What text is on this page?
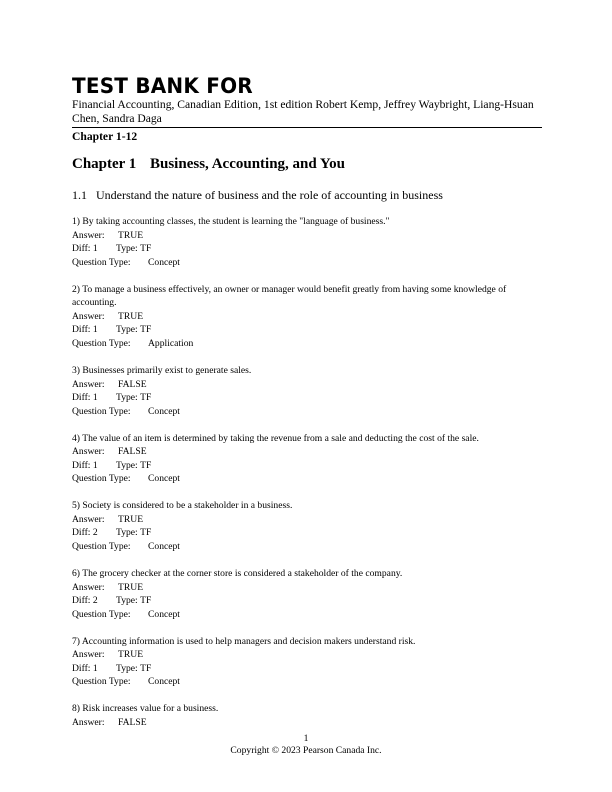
TEST BANK FOR
Financial Accounting, Canadian Edition, 1st edition Robert Kemp, Jeffrey Waybright, Liang-Hsuan Chen, Sandra Daga
Chapter 1-12
Chapter 1 Business, Accounting, and You
1.1 Understand the nature of business and the role of accounting in business
1) By taking accounting classes, the student is learning the "language of business."
Answer:	TRUE
Diff: 1	Type:
TF
Question Type:	Concept
2) To manage a business effectively, an owner or manager would benefit greatly from having some knowledge of accounting.
Answer:	TRUE
Diff: 1	Type:
TF
Question Type:	Application
3) Businesses primarily exist to generate sales.
Answer:	FALSE
Diff: 1	Type:
TF
Question Type:	Concept
4) The value of an item is determined by taking the revenue from a sale and deducting the cost of the sale.
Answer:	FALSE
Diff: 1	Type:
TF
Question Type:	Concept
5) Society is considered to be a stakeholder in a business.
Answer:	TRUE
Diff: 2	Type:
TF
Question Type:	Concept
6) The grocery checker at the corner store is considered a stakeholder of the company.
Answer:	TRUE
Diff: 2	Type:
TF
Question Type:	Concept
7) Accounting information is used to help managers and decision makers understand risk.
Answer:	TRUE
Diff: 1	Type:
TF
Question Type:	Concept
8) Risk increases value for a business.
Answer:	FALSE
1
Copyright © 2023 Pearson Canada Inc.
